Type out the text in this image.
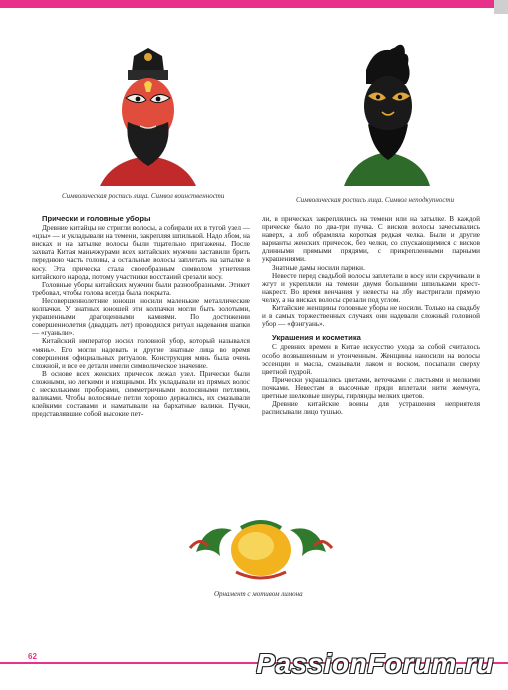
Символическая роспись лица. Символ воинственности	Символическая роспись лица. Символ неподкупности
Прически и головные уборы

Древние китайцы не стригли волосы, а собирали их в тугой узел — «цзы» — и укладывали на темени, закрепляя шпилькой. Надо лбом, на висках и на затылке волосы были тщательно пригажены. После захвата Китая маньчжурами всех китайских мужчин заставили брить переднюю часть головы, а остальные волосы заплетать на затылке в косу. Эта прическа стала своеобразным символом угнетения китайского народа, потому участники восстаний срезали косу.

Головные уборы китайских мужчин были разнообразными. Этикет требовал, чтобы голова всегда была покрыта.

Несовершеннолетние юноши носили маленькие металлические колпачки. У знатных юношей эти колпачки могли быть золотыми, украшенными драгоценными камнями. По достижении совершеннолетия (двадцать лет) проводился ритуал надевания шапки — «гуаньли».

Китайский император носил головной убор, который назывался «мянь». Его могли надевать и другие знатные лица во время совершения официальных ритуалов. Конструкция мянь была очень сложной, и все ее детали имели символическое значение.

В основе всех женских причесок лежал узел. Прически были сложными, но легкими и изящными. Их укладывали из прямых волос с несколькими проборами, симметричными волосяными петлями, валиками. Чтобы волосяные петли хорошо держались, их смазывали клейкими составами и наматывали на бархатные валики. Пучки, представлявшие собой высокие пет-

ли, в прическах закреплялись на темени или на затылке. В каждой прическе было по два-три пучка. С висков волосы зачесывались наверх, а лоб обрамляла короткая редкая челка. Были и другие варианты женских причесок, без челки, со спускающимися с висков длинными прямыми прядями, с прикрепленными парными украшениями.

Знатные дамы носили парики.

Невесте перед свадьбой волосы заплетали в косу или скручивали в жгут и укрепляли на темени двумя большими шпильками крест-накрест. Во время венчания у невесты на лбу выстригали прямую челку, а на висках волосы срезали под углом.

Китайские женщины головные уборы не носили. Только на свадьбу и в самых торжественных случаях они надевали сложный головной убор — «фэнгуань».

Украшения и косметика

С древних времен в Китае искусство ухода за собой считалось особо возвышенным и утонченным. Женщины наносили на волосы эссенции и масла, смазывали лаком и воском, посыпали сверху цветной пудрой.

Прически украшались цветами, веточками с листьями и мелкими почками. Невестам в высочные пряди вплетали нити жемчуга, цветные шелковые шнуры, гирлянды мелких цветов.

Древние китайские воины для устрашения неприятеля расписывали лицо тушью.

Орнамент с мотивом лимона
62	PassionForum.ru
